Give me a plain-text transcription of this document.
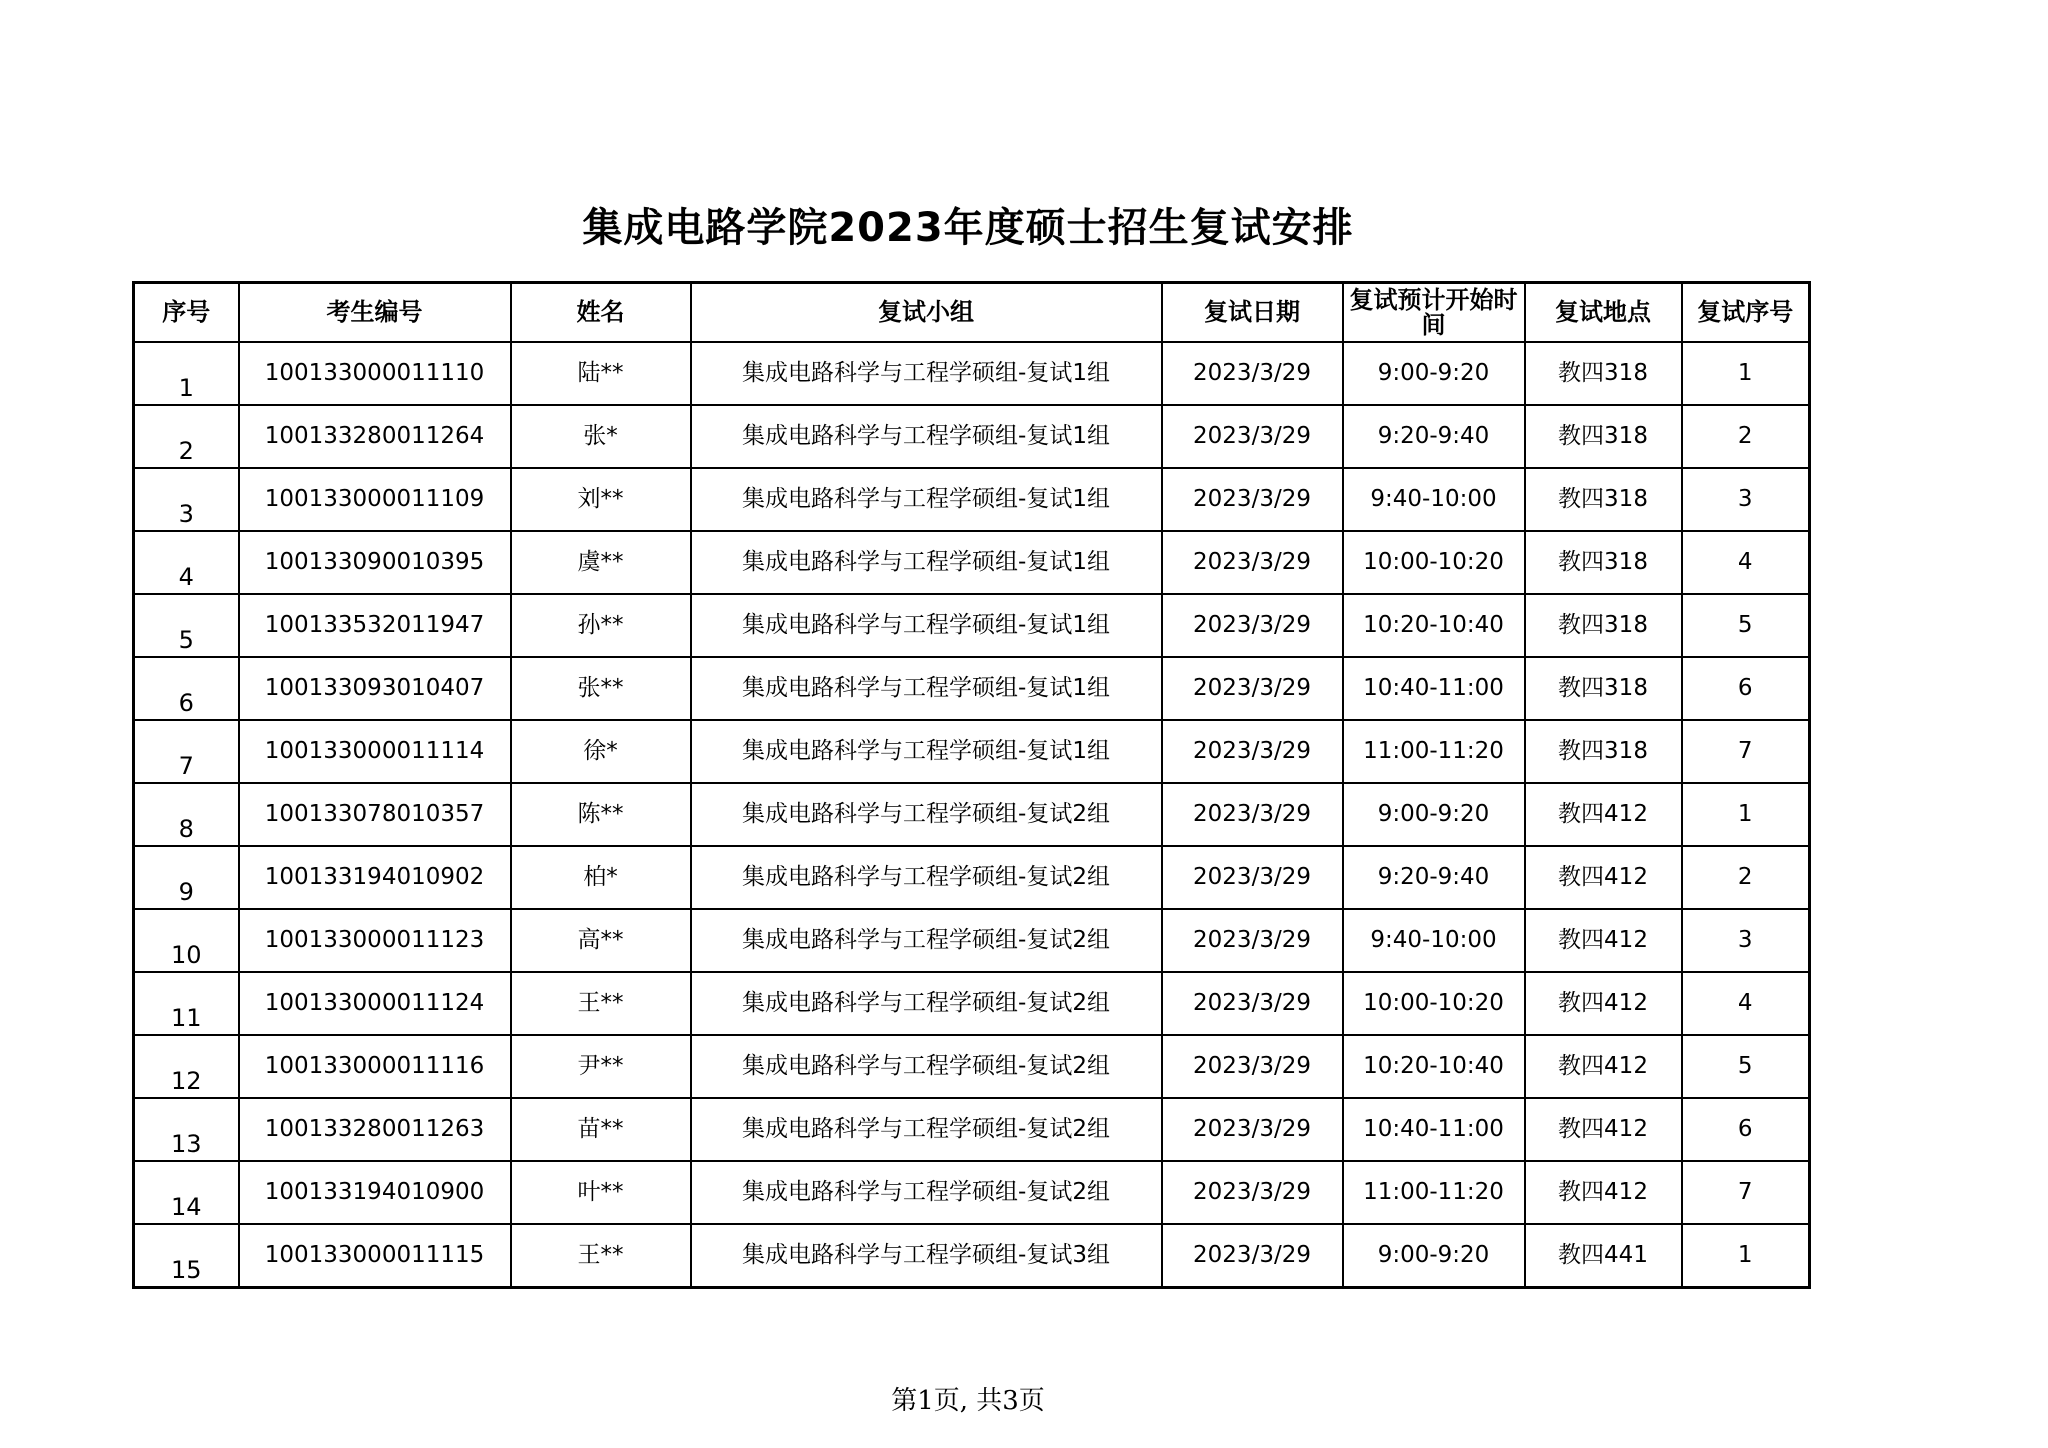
集成电路学院2023年度硕士招生复试安排
序号	考生编号	姓名	复试小组	复试日期	复试预计开始时间	复试地点	复试序号
1	100133000011110	陆**	集成电路科学与工程学硕组-复试1组	2023/3/29	9:00-9:20	教四318	1
2	100133280011264	张*	集成电路科学与工程学硕组-复试1组	2023/3/29	9:20-9:40	教四318	2
3	100133000011109	刘**	集成电路科学与工程学硕组-复试1组	2023/3/29	9:40-10:00	教四318	3
4	100133090010395	虞**	集成电路科学与工程学硕组-复试1组	2023/3/29	10:00-10:20	教四318	4
5	100133532011947	孙**	集成电路科学与工程学硕组-复试1组	2023/3/29	10:20-10:40	教四318	5
6	100133093010407	张**	集成电路科学与工程学硕组-复试1组	2023/3/29	10:40-11:00	教四318	6
7	100133000011114	徐*	集成电路科学与工程学硕组-复试1组	2023/3/29	11:00-11:20	教四318	7
8	100133078010357	陈**	集成电路科学与工程学硕组-复试2组	2023/3/29	9:00-9:20	教四412	1
9	100133194010902	柏*	集成电路科学与工程学硕组-复试2组	2023/3/29	9:20-9:40	教四412	2
10	100133000011123	高**	集成电路科学与工程学硕组-复试2组	2023/3/29	9:40-10:00	教四412	3
11	100133000011124	王**	集成电路科学与工程学硕组-复试2组	2023/3/29	10:00-10:20	教四412	4
12	100133000011116	尹**	集成电路科学与工程学硕组-复试2组	2023/3/29	10:20-10:40	教四412	5
13	100133280011263	苗**	集成电路科学与工程学硕组-复试2组	2023/3/29	10:40-11:00	教四412	6
14	100133194010900	叶**	集成电路科学与工程学硕组-复试2组	2023/3/29	11:00-11:20	教四412	7
15	100133000011115	王**	集成电路科学与工程学硕组-复试3组	2023/3/29	9:00-9:20	教四441	1
第1页, 共3页
